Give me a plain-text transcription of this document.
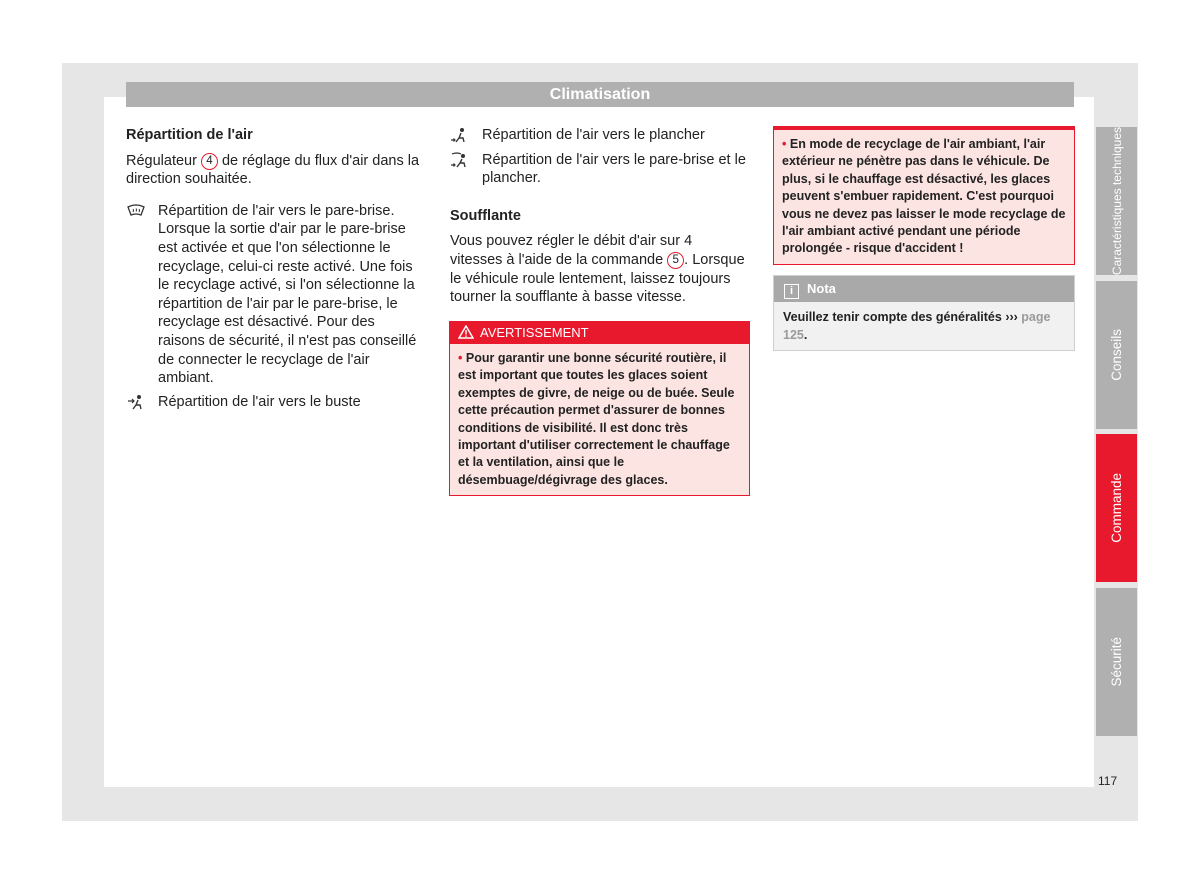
Climatisation

Répartition de l'air

Régulateur 4 de réglage du flux d'air dans la direction souhaitée.

Répartition de l'air vers le pare-brise. Lorsque la sortie d'air par le pare-brise est activée et que l'on sélectionne le recyclage, celui-ci reste activé. Une fois le recyclage activé, si l'on sélectionne la répartition de l'air par le pare-brise, le recyclage est désactivé. Pour des raisons de sécurité, il n'est pas conseillé de connecter le recyclage de l'air ambiant.

Répartition de l'air vers le buste

Répartition de l'air vers le plancher

Répartition de l'air vers le pare-brise et le plancher.

Soufflante

Vous pouvez régler le débit d'air sur 4 vitesses à l'aide de la commande 5 . Lorsque le véhicule roule lentement, laissez toujours tourner la soufflante à basse vitesse.

AVERTISSEMENT
• Pour garantir une bonne sécurité routière, il est important que toutes les glaces soient exemptes de givre, de neige ou de buée. Seule cette précaution permet d'assurer de bonnes conditions de visibilité. Il est donc très important d'utiliser correctement le chauffage et la ventilation, ainsi que le désembuage/dégivrage des glaces.
• En mode de recyclage de l'air ambiant, l'air extérieur ne pénètre pas dans le véhicule. De plus, si le chauffage est désactivé, les glaces peuvent s'embuer rapidement. C'est pourquoi vous ne devez pas laisser le mode recyclage de l'air ambiant activé pendant une période prolongée - risque d'accident !
i Nota
Veuillez tenir compte des généralités ››› page 125.
Caractéristiques techniques
Conseils
Commande
Sécurité
117
